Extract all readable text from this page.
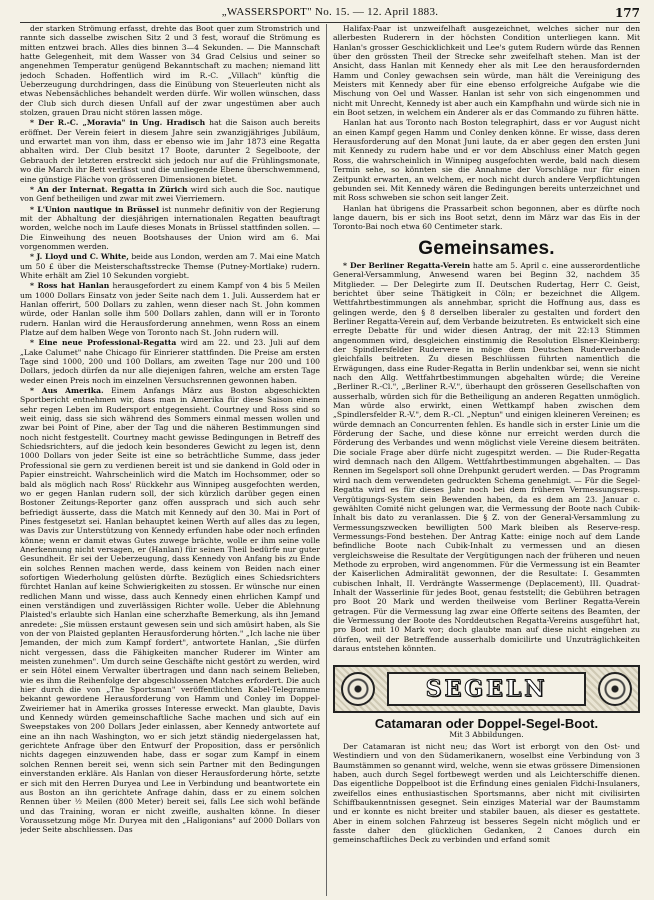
„WASSERSPORT" No. 15. — 12. April 1883.	177

der starken Strömung erfasst, drehte das Boot quer zum Stromstrich und rannte sich dasselbe zwischen Sitz 2 und 3 fest, worauf die Strömung es mitten entzwei brach. Alles dies binnen 3—4 Sekunden. — Die Mannschaft hatte Gelegenheit, mit dem Wasser von 34 Grad Celsius und seiner so angenehmen Temperatur genügend Bekanntschaft zu machen; niemand litt jedoch Schaden. Hoffentlich wird im R.-C. „Villach" künftig die Ueberzeugung durchdringen, dass die Einübung von Steuerleuten nicht als etwas Nebensächliches behandelt werden dürfe. Wir wollen wünschen, dass der Club sich durch diesen Unfall auf der zwar ungestümen aber auch stolzen, grauen Drau nicht stören lassen möge.

* Der R.-C. „Moravia" in Ung. Hradisch hat die Saison auch bereits eröffnet. Der Verein feiert in diesem Jahre sein zwanzigjähriges Jubiläum, und erwartet man von ihm, dass er ebenso wie im Jahr 1873 eine Regatta abhalten wird. Der Club besitzt 17 Boote, darunter 2 Segelboote, der Gebrauch der letzteren erstreckt sich jedoch nur auf die Frühlingsmonate, wo die March ihr Bett verlässt und die umliegende Ebene überschwemmend, eine günstige Fläche von grösseren Dimensionen bietet.

* An der Internat. Regatta in Zürich wird sich auch die Soc. nautique von Genf betheiligen und zwar mit zwei Vierriemern.

* L'Union nautique in Brüssel ist nunmehr definitiv von der Regierung mit der Abhaltung der diesjährigen internationalen Regatten beauftragt worden, welche noch im Laufe dieses Monats in Brüssel stattfinden sollen. — Die Einweihung des neuen Bootshauses der Union wird am 6. Mai vorgenommen werden.

* J. Lloyd und C. White, beide aus London, werden am 7. Mai eine Match um 50 £ über die Meisterschaftsstrecke Themse (Putney-Mortlake) rudern. White erhält am Ziel 10 Sekunden vorgiebt.

* Ross hat Hanlan herausgefordert zu einem Kampf von 4 bis 5 Meilen um 1000 Dollars Einsatz von jeder Seite nach dem 1. Juli. Ausserdem hat er Hanlan offerirt, 500 Dollars zu zahlen, wenn dieser nach St. John kommen würde, oder Hanlan solle ihm 500 Dollars zahlen, dann will er in Toronto rudern. Hanlan wird die Herausforderung annehmen, wenn Ross an einem Platze auf dem halben Wege von Toronto nach St. John rudern will.

* Eine neue Professional-Regatta wird am 22. und 23. Juli auf dem „Lake Calumet" nahe Chicago für Einrierer stattfinden. Die Preise am ersten Tage sind 1000, 200 und 100 Dollars, am zweiten Tage nur 200 und 100 Dollars, jedoch dürfen da nur alle diejenigen fahren, welche am ersten Tage weder einen Preis noch im einzelnen Versuchsrennen gewonnen haben.

* Aus Amerika. Einem Anfangs März aus Boston abgeschickten Sportbericht entnehmen wir, dass man in Amerika für diese Saison einem sehr regen Leben im Rudersport entgegensieht. Courtney und Ross sind so weit einig, dass sie sich während des Sommers einmal messen wollen und zwar bei Point of Pine, aber der Tag und die näheren Bestimmungen sind noch nicht festgestellt. Courtney macht gewisse Bedingungen in Betreff des Schiedsrichters, auf die jedoch kein besonderes Gewicht zu legen ist, denn 1000 Dollars von jeder Seite ist eine so beträchtliche Summe, dass jeder Professional sie gern zu verdienen bereit ist und sie dankend in Gold oder in Papier einstreicht. Wahrscheinlich wird die Match im Hochsommer, oder so bald als möglich nach Ross' Rückkehr aus Winnipeg ausgefochten werden, wo er gegen Hanlan rudern soll, der sich kürzlich darüber gegen einen Bostoner Zeitungs-Reporter ganz offen aussprach und sich auch sehr befriedigt äusserte, dass die Match mit Kennedy auf den 30. Mai in Port of Pines festgesetzt sei. Hanlan behauptet keinen Werth auf alles das zu legen, was Davis zur Unterstützung von Kennedy erfunden habe oder noch erfinden könne; wenn er damit etwas Gutes zuwege brächte, wolle er ihm seine volle Anerkennung nicht versagen, er (Hanlan) für seinen Theil bedürfe nur guter Gesundheit. Er sei der Ueberzeugung, dass Kennedy von Anfang bis zu Ende ein solches Rennen machen werde, dass keinem von Beiden nach einer sofortigen Wiederholung gelüsten dürfte. Bezüglich eines Schiedsrichters fürchtet Hanlan auf keine Schwierigkeiten zu stossen. Er wünsche nur einen redlichen Mann und wisse, dass auch Kennedy einen ehrlichen Kampf und einen verständigen und zuverlässigen Richter wolle. Ueber die Ablehnung Plaisted's erlaubte sich Hanlan eine scherzhafte Bemerkung, als ihn Jemand anredete: „Sie müssen erstaunt gewesen sein und sich amüsirt haben, als Sie von der von Plaisted geplanten Herausforderung hörten." „Ich lache nie über Jemanden, der mich zum Kampf fordert", antwortete Hanlan, „Sie dürfen nicht vergessen, dass die Fähigkeiten mancher Ruderer im Winter am meisten zunehmen". Um durch seine Geschäfte nicht gestört zu werden, wird er sein Hôtel einem Verwalter übertragen und dann nach seinem Belieben, wie es ihm die Reihenfolge der abgeschlossenen Matches erfordert. Die auch hier durch die von „The Sportsman" veröffentlichten Kabel-Telegramme bekannt gewordene Herausforderung von Hamm und Conley im Doppel-Zweiriemer hat in Amerika grosses Interesse erweckt. Man glaubte, Davis und Kennedy würden gemeinschaftliche Sache machen und sich auf ein Sweepstakes von 200 Dollars Jeder einlassen, aber Kennedy antwortete auf eine an ihn nach Washington, wo er sich jetzt ständig niedergelassen hat, gerichtete Anfrage über den Entwurf der Proposition, dass er persönlich nichts dagegen einzuwenden habe, dass er sogar zum Kampf in einem solchen Rennen bereit sei, wenn sich sein Partner mit den Bedingungen einverstanden erkläre. Als Hanlan von dieser Herausforderung hörte, setzte er sich mit den Herren Duryea und Lee in Verbindung und beantwortete ein aus Boston an ihn gerichtete Anfrage dahin, dass er zu einem solchen Rennen über ½ Meilen (800 Meter) bereit sei, falls Lee sich wohl befände und das Training, woran er nicht zweifle, aushalten könne. In dieser Voraussetzung möge Mr. Duryea mit den „Haligonians" auf 2000 Dollars von jeder Seite abschliessen. Das

Halifax-Paar ist unzweifelhaft ausgezeichnet, welches sicher nur den allerbesten Ruderern in der höchsten Condition unterliegen kann. Mit Hanlan's grosser Geschicklichkeit und Lee's gutem Rudern würde das Rennen über den grössten Theil der Strecke sehr zweifelhaft stehen. Man ist der Ansicht, dass Hanlan mit Kennedy eher als mit Lee den herausfordernden Hamm und Conley gewachsen sein würde, man hält die Vereinigung des Meisters mit Kennedy aber für eine ebenso erfolgreiche Aufgabe wie die Mischung von Oel und Wasser. Hanlan ist sehr von sich eingenommen und nicht mit Unrecht, Kennedy ist aber auch ein Kampfhahn und würde sich nie in ein Boot setzen, in welchem ein Anderer als er das Commando zu führen hätte.

Hanlan hat aus Toronto nach Boston telegraphirt, dass er vor August nicht an einen Kampf gegen Hamm und Conley denken könne. Er wisse, dass deren Herausforderung auf den Monat Juni laute, da er aber gegen den ersten Juni mit Kennedy zu rudern habe und er vor dem Abschluss einer Match gegen Ross, die wahrscheinlich in Winnipeg ausgefochten werde, bald nach diesem Termin sehe, so könnten sie die Annahme der Vorschläge nur für einen Zeitpunkt erwarten, an welchem, er noch nicht durch andere Verpflichtungen gebunden sei. Mit Kennedy wären die Bedingungen bereits unterzeichnet und mit Ross schweben sie schon seit langer Zeit.

Hanlan hat übrigens die Prassarbeit schon begonnen, aber es dürfte noch lange dauern, bis er sich ins Boot setzt, denn im März war das Eis in der Toronto-Bai noch etwa 60 Centimeter stark.

Gemeinsames.

* Der Berliner Regatta-Verein hatte am 5. April c. eine ausserordentliche General-Versammlung, Anwesend waren bei Beginn 32, nachdem 35 Mitglieder. — Der Delegirte zum II. Deutschen Rudertag, Herr C. Geist, berichtet über seine Thätigkeit in Cöln; er bezeichnet die Allgem. Wettfahrtbestimmungen als annehmbar, spricht die Hoffnung aus, dass es gelingen werde, den § 8 derselben liberaler zu gestalten und fordert den Berliner Regatta-Verein auf, dem Verbande beizutreten. Es entwickelt sich eine erregte Debatte für und wider diesen Antrag, der mit 22:13 Stimmen angenommen wird, desgleichen einstimmig die Resolution Elsner-Kleinberg: der Spindlersfelder Rudervere in möge dem Deutschen Ruderverbande gleichfalls beitreten. Zu diesen Beschlüssen führten namentlich die Erwägungen, dass eine Ruder-Regatta in Berlin undenkbar sei, wenn sie nicht nach den Allg. Wettfahrtbestimmungen abgehalten würde; die Vereine „Berliner R.-Cl.", „Berliner R.-V.", überhaupt den grösseren Gesellschaften von ausserhalb, würden sich für die Betheiligung an anderen Regatten unmöglich. Man würde also erwirkt, einen Wettkampf haben zwischen dem „Spindlersfelder R.-V.", dem R.-Cl. „Neptun" und einigen kleineren Vereinen; es würde demnach an Concurrenten fehlen. Es handle sich in erster Linie um die Förderung der Sache, und diese könne nur erreicht werden durch die Förderung des Verbandes und wenn möglichst viele Vereine diesem beiträten. Die sociale Frage aber dürfe nicht zugespitzt werden. — Die Ruder-Regatta wird demnach nach den Allgem. Wettfahrtbestimmungen abgehalten. — Das Rennen im Segelsport soll ohne Drehpunkt gerudert werden. — Das Programm wird nach dem verwendeten gedruckten Schema genehmigt. — Für die Segel-Regatta wird es für dieses Jahr noch bei dem früheren Vermessungsresp. Vergütigungs-System sein Bewenden haben, da es dem am 23. Januar c. gewählten Comité nicht gelungen war, die Vermessung der Boote nach Cubik-Inhalt bis dato zu veranlassen. Die § Z. von der General-Versammlung zu Vermessungszwecken bewilligten 500 Mark bleiben als Reserve-resp. Vermessungs-Fond bestehen. Der Antrag Katte: einige noch auf dem Lande befindliche Boote nach Cubik-Inhalt zu vermessen und an diesen vergleichsweise die Resultate der Vergütigungen nach der früheren und neuen Methode zu erproben, wird angenommen. Für die Vermessung ist ein Beamter der Kaiserlichen Admiralität gewonnen, der die Resultate: I. Gesammten cubischen Inhalt, II. Verdrängte Wassermenge (Deplacement), III. Quadrat-Inhalt der Wasserlinie für jedes Boot, genau feststellt; die Gebühren betragen pro Boot 20 Mark und werden theilweise vom Berliner Regatta-Verein getragen. Für die Vermessung lag zwar eine Offerte seitens des Beamten, der die Vermessung der Boote des Norddeutschen Regatta-Vereins ausgeführt hat, pro Boot mit 10 Mark vor; doch glaubte man auf diese nicht eingehen zu dürfen, weil der Betreffende ausserhalb domicilirte und Unzuträglichkeiten daraus entstehen könnten.

SEGELN
Catamaran oder Doppel-Segel-Boot.
Mit 3 Abbildungen.

Der Catamaran ist nicht neu; das Wort ist erborgt von den Ost- und Westindiern und von den Südamerikanern, woselbst eine Verbindung von 3 Baumstämmen so genannt wird, welche, wenn sie etwas grössere Dimensionen haben, auch durch Segel fortbewegt werden und als Leichterschiffe dienen. Das eigentliche Doppelboot ist die Erfindung eines genialen Fidchi-Insulaners, zweifellos eines enthusiastischen Sportsmanns, aber nicht mit civilisirten Schiffbaukenntnissen gesegnet. Sein einziges Material war der Baumstamm und er konnte es nicht breiter und stabiler bauen, als dieser es gestattete. Aber in einem solchen Fahrzeug ist besseres Segeln nicht möglich und er fasste daher den glücklichen Gedanken, 2 Canoes durch ein gemeinschaftliches Deck zu verbinden und erfand somit
